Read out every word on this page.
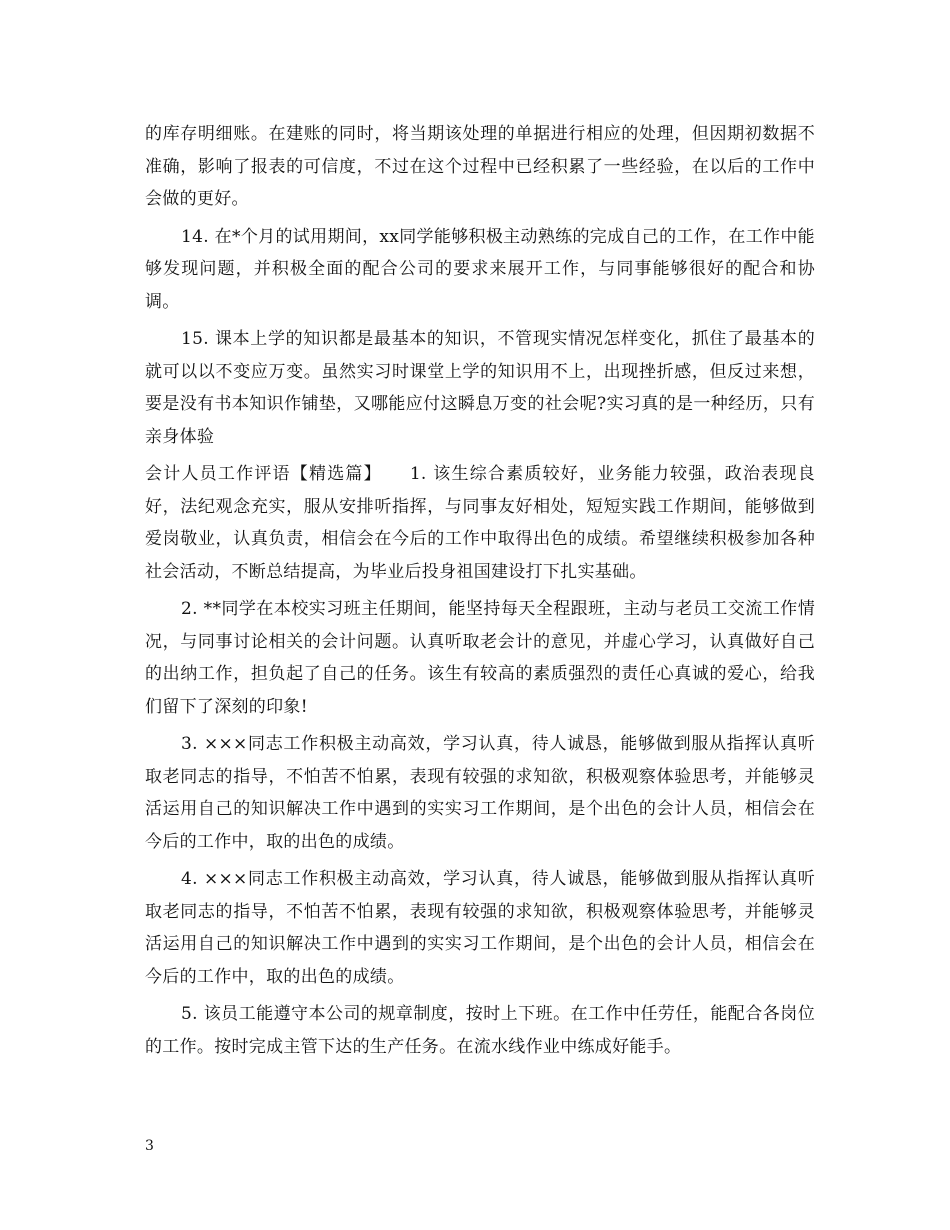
的库存明细账。在建账的同时，将当期该处理的单据进行相应的处理，但因期初数据不准确，影响了报表的可信度，不过在这个过程中已经积累了一些经验，在以后的工作中会做的更好。

14. 在*个月的试用期间，xx同学能够积极主动熟练的完成自己的工作，在工作中能够发现问题，并积极全面的配合公司的要求来展开工作，与同事能够很好的配合和协调。

15. 课本上学的知识都是最基本的知识，不管现实情况怎样变化，抓住了最基本的就可以以不变应万变。虽然实习时课堂上学的知识用不上，出现挫折感，但反过来想，要是没有书本知识作铺垫，又哪能应付这瞬息万变的社会呢?实习真的是一种经历，只有亲身体验

会计人员工作评语【精选篇】　　1. 该生综合素质较好，业务能力较强，政治表现良好，法纪观念充实，服从安排听指挥，与同事友好相处，短短实践工作期间，能够做到爱岗敬业，认真负责，相信会在今后的工作中取得出色的成绩。希望继续积极参加各种社会活动，不断总结提高，为毕业后投身祖国建设打下扎实基础。

2. **同学在本校实习班主任期间，能坚持每天全程跟班，主动与老员工交流工作情况，与同事讨论相关的会计问题。认真听取老会计的意见，并虚心学习，认真做好自己的出纳工作，担负起了自己的任务。该生有较高的素质强烈的责任心真诚的爱心，给我们留下了深刻的印象!

3. ×××同志工作积极主动高效，学习认真，待人诚恳，能够做到服从指挥认真听取老同志的指导，不怕苦不怕累，表现有较强的求知欲，积极观察体验思考，并能够灵活运用自己的知识解决工作中遇到的实实习工作期间，是个出色的会计人员，相信会在今后的工作中，取的出色的成绩。

4. ×××同志工作积极主动高效，学习认真，待人诚恳，能够做到服从指挥认真听取老同志的指导，不怕苦不怕累，表现有较强的求知欲，积极观察体验思考，并能够灵活运用自己的知识解决工作中遇到的实实习工作期间，是个出色的会计人员，相信会在今后的工作中，取的出色的成绩。

5. 该员工能遵守本公司的规章制度，按时上下班。在工作中任劳任，能配合各岗位的工作。按时完成主管下达的生产任务。在流水线作业中练成好能手。

3
